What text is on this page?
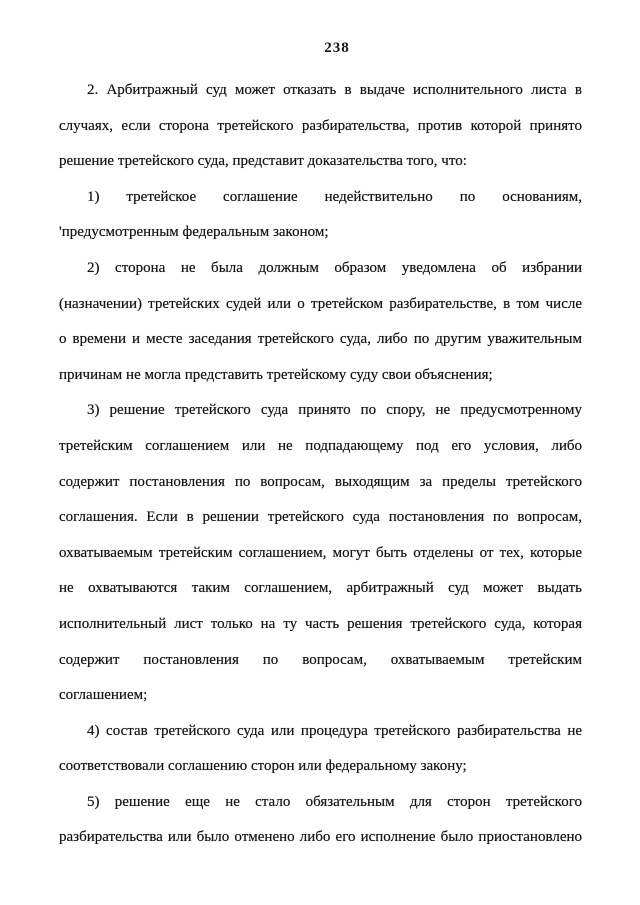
238
2. Арбитражный суд может отказать в выдаче исполнительного листа в
случаях, если сторона третейского разбирательства, против которой принято
решение третейского суда, представит доказательства того, что:
1) третейское соглашение недействительно по основаниям,
'предусмотренным федеральным законом;
2) сторона не была должным образом уведомлена об избрании
(назначении) третейских судей или о третейском разбирательстве, в том числе
о времени и месте заседания третейского суда, либо по другим уважительным
причинам не могла представить третейскому суду свои объяснения;
3) решение третейского суда принято по спору, не предусмотренному
третейским соглашением или не подпадающему под его условия, либо
содержит постановления по вопросам, выходящим за пределы третейского
соглашения. Если в решении третейского суда постановления по вопросам,
охватываемым третейским соглашением, могут быть отделены от тех, которые
не охватываются таким соглашением, арбитражный суд может выдать
исполнительный лист только на ту часть решения третейского суда, которая
содержит постановления по вопросам, охватываемым третейским
соглашением;
4) состав третейского суда или процедура третейского разбирательства не
соответствовали соглашению сторон или федеральному закону;
5) решение еще не стало обязательным для сторон третейского
разбирательства или было отменено либо его исполнение было приостановлено
